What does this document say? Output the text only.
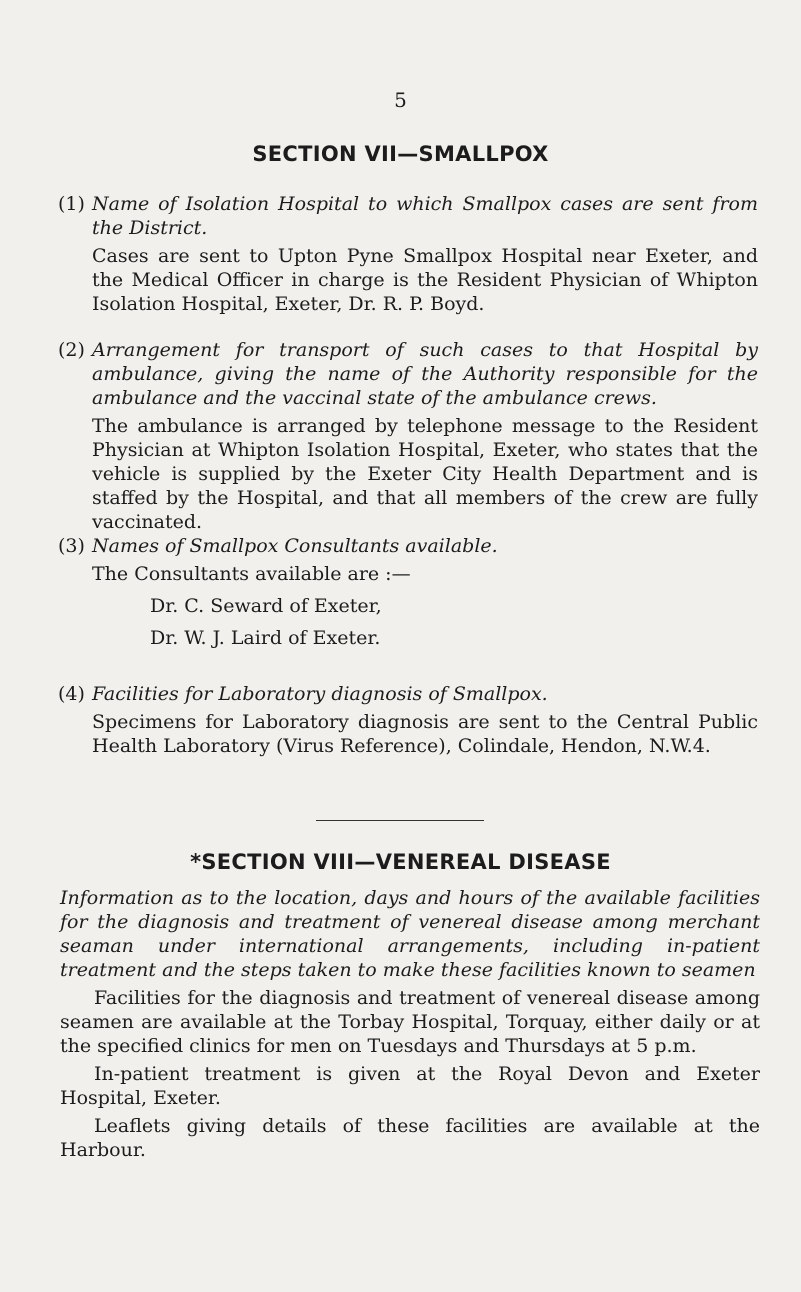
5
SECTION VII—SMALLPOX
(1) Name of Isolation Hospital to which Smallpox cases are sent from the District.

Cases are sent to Upton Pyne Smallpox Hospital near Exeter, and the Medical Officer in charge is the Resident Physician of Whipton Isolation Hospital, Exeter, Dr. R. P. Boyd.

(2) Arrangement for transport of such cases to that Hospital by ambulance, giving the name of the Authority responsible for the ambulance and the vaccinal state of the ambulance crews.

The ambulance is arranged by telephone message to the Resident Physician at Whipton Isolation Hospital, Exeter, who states that the vehicle is supplied by the Exeter City Health Department and is staffed by the Hospital, and that all members of the crew are fully vaccinated.

(3) Names of Smallpox Consultants available.

The Consultants available are :—

Dr. C. Seward of Exeter,
Dr. W. J. Laird of Exeter.
(4) Facilities for Laboratory diagnosis of Smallpox.

Specimens for Laboratory diagnosis are sent to the Central Public Health Laboratory (Virus Reference), Colindale, Hendon, N.W.4.

*SECTION VIII—VENEREAL DISEASE

Information as to the location, days and hours of the available facilities for the diagnosis and treatment of venereal disease among merchant seaman under international arrangements, including in-patient treatment and the steps taken to make these facilities known to seamen

Facilities for the diagnosis and treatment of venereal disease among seamen are available at the Torbay Hospital, Torquay, either daily or at the specified clinics for men on Tuesdays and Thursdays at 5 p.m.

In-patient treatment is given at the Royal Devon and Exeter Hospital, Exeter.

Leaflets giving details of these facilities are available at the Harbour.
